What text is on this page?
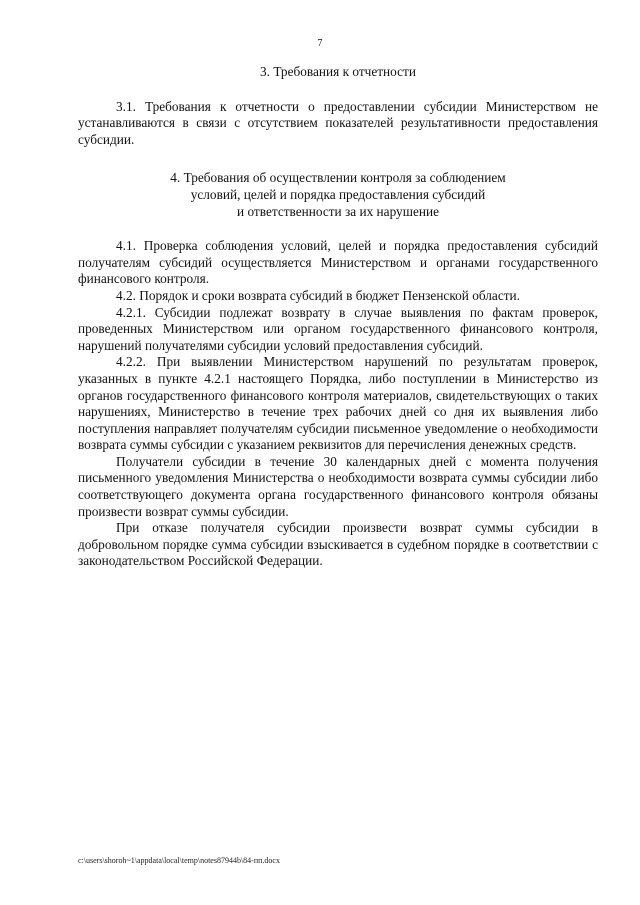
7
3. Требования к отчетности

3.1. Требования к отчетности о предоставлении субсидии Министерством не устанавливаются в связи с отсутствием показателей результативности предоставления субсидии.

4. Требования об осуществлении контроля за соблюдением
условий, целей и порядка предоставления субсидий
и ответственности за их нарушение

4.1. Проверка соблюдения условий, целей и порядка предоставления субсидий получателям субсидий осуществляется Министерством и органами государственного финансового контроля.

4.2. Порядок и сроки возврата субсидий в бюджет Пензенской области.

4.2.1. Субсидии подлежат возврату в случае выявления по фактам проверок, проведенных Министерством или органом государственного финансового контроля, нарушений получателями субсидии условий предоставления субсидий.

4.2.2. При выявлении Министерством нарушений по результатам проверок, указанных в пункте 4.2.1 настоящего Порядка, либо поступлении в Министерство из органов государственного финансового контроля материалов, свидетельствующих о таких нарушениях, Министерство в течение трех рабочих дней со дня их выявления либо поступления направляет получателям субсидии письменное уведомление о необходимости возврата суммы субсидии с указанием реквизитов для перечисления денежных средств.

Получатели субсидии в течение 30 календарных дней с момента получения письменного уведомления Министерства о необходимости возврата суммы субсидии либо соответствующего документа органа государственного финансового контроля обязаны произвести возврат суммы субсидии.

При отказе получателя субсидии произвести возврат суммы субсидии в добровольном порядке сумма субсидии взыскивается в судебном порядке в соответствии с законодательством Российской Федерации.

c:\users\shoroh~1\appdata\local\temp\notes87944b\84-пп.docx
